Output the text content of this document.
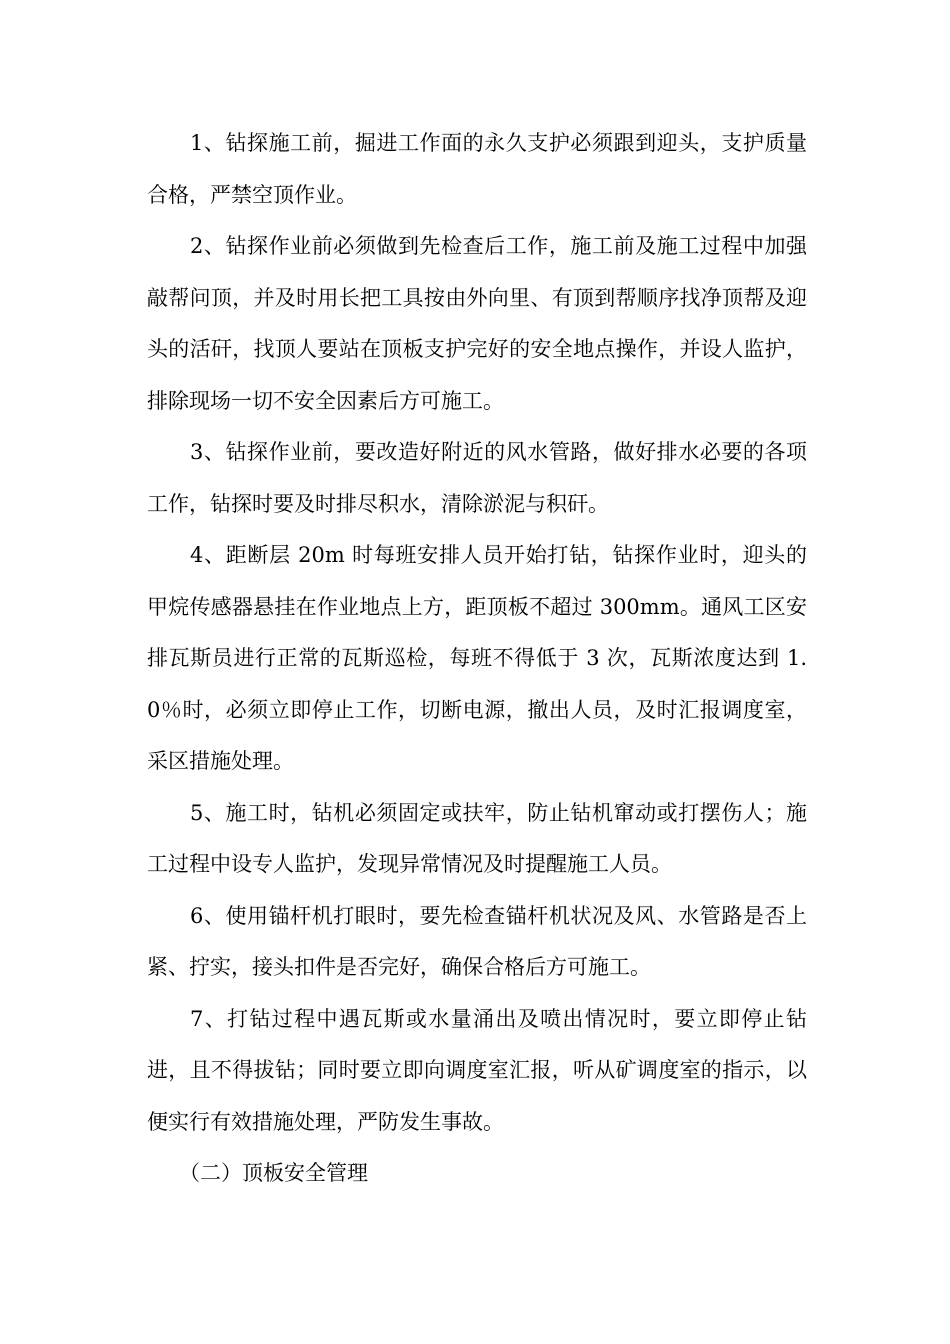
1、钻探施工前，掘进工作面的永久支护必须跟到迎头，支护质量合格，严禁空顶作业。

2、钻探作业前必须做到先检查后工作，施工前及施工过程中加强敲帮问顶，并及时用长把工具按由外向里、有顶到帮顺序找净顶帮及迎头的活矸，找顶人要站在顶板支护完好的安全地点操作，并设人监护，排除现场一切不安全因素后方可施工。

3、钻探作业前，要改造好附近的风水管路，做好排水必要的各项工作，钻探时要及时排尽积水，清除淤泥与积矸。

4、距断层 20m 时每班安排人员开始打钻，钻探作业时，迎头的甲烷传感器悬挂在作业地点上方，距顶板不超过 300mm。通风工区安排瓦斯员进行正常的瓦斯巡检，每班不得低于 3 次，瓦斯浓度达到 1.0％时，必须立即停止工作，切断电源，撤出人员，及时汇报调度室，采区措施处理。

5、施工时，钻机必须固定或扶牢，防止钻机窜动或打摆伤人；施工过程中设专人监护，发现异常情况及时提醒施工人员。

6、使用锚杆机打眼时，要先检查锚杆机状况及风、水管路是否上紧、拧实，接头扣件是否完好，确保合格后方可施工。

7、打钻过程中遇瓦斯或水量涌出及喷出情况时，要立即停止钻进，且不得拔钻；同时要立即向调度室汇报，听从矿调度室的指示，以便实行有效措施处理，严防发生事故。

（二）顶板安全管理
